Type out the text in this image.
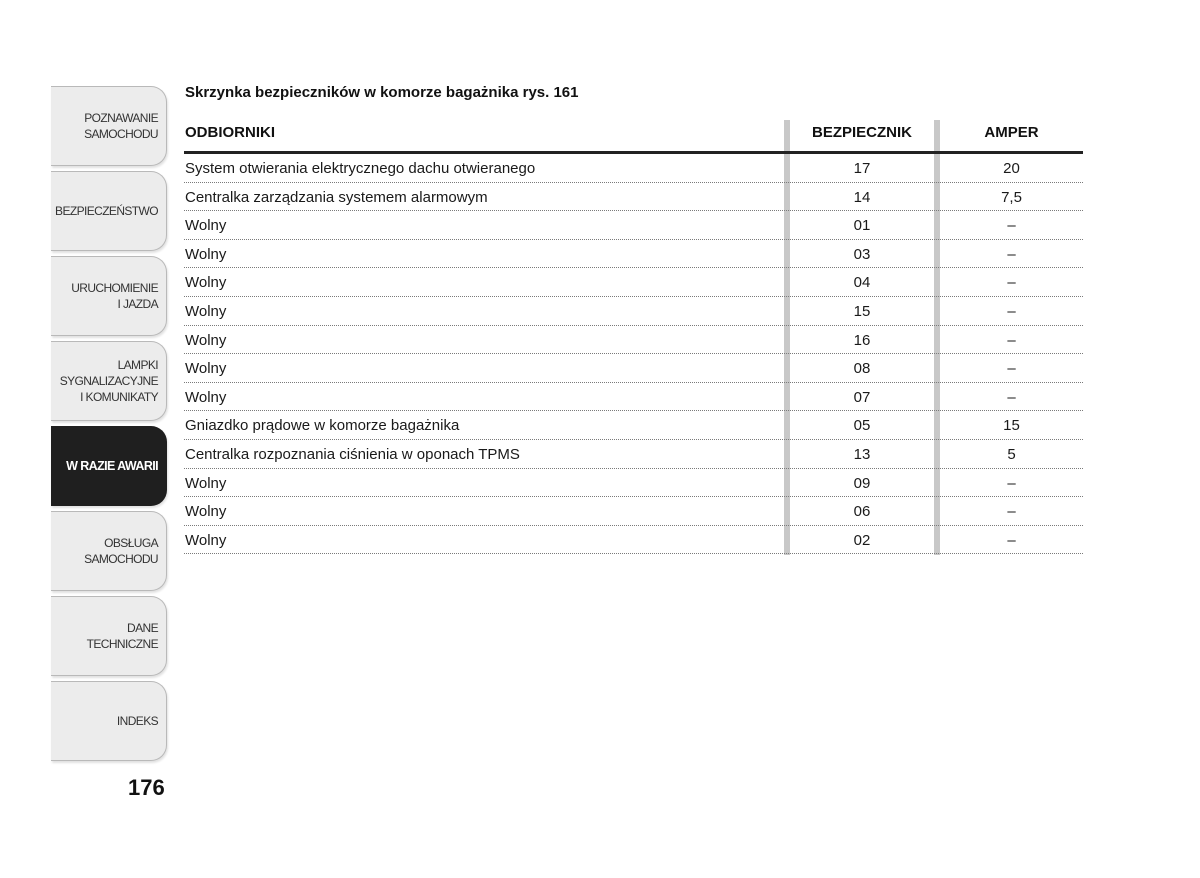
POZNAWANIE
SAMOCHODU
BEZPIECZEŃSTWO
URUCHOMIENIE
I JAZDA
LAMPKI
SYGNALIZACYJNE
I KOMUNIKATY
W RAZIE AWARII
OBSŁUGA
SAMOCHODU
DANE
TECHNICZNE
INDEKS
176
Skrzynka bezpieczników w komorze bagażnika rys. 161
ODBIORNIKI	BEZPIECZNIK	AMPER
System otwierania elektrycznego dachu otwieranego	17	20
Centralka zarządzania systemem alarmowym	14	7,5
Wolny	01	–
Wolny	03	–
Wolny	04	–
Wolny	15	–
Wolny	16	–
Wolny	08	–
Wolny	07	–
Gniazdko prądowe w komorze bagażnika	05	15
Centralka rozpoznania ciśnienia w oponach TPMS	13	5
Wolny	09	–
Wolny	06	–
Wolny	02	–
